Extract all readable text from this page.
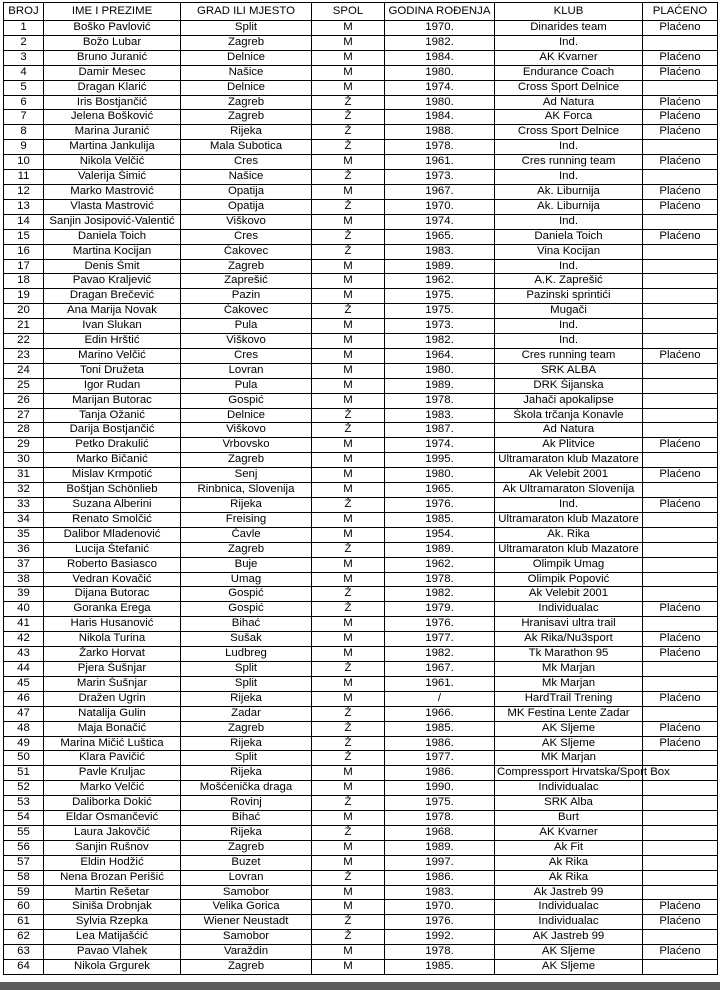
BROJ	IME I PREZIME	GRAD ILI MJESTO	SPOL	GODINA ROĐENJA	KLUB	PLAĆENO
1	Boško Pavlović	Split	M	1970.	Dinarides team	Plaćeno
2	Božo Lubar	Zagreb	M	1982.	Ind.	
3	Bruno Juranić	Delnice	M	1984.	AK Kvarner	Plaćeno
4	Damir Mesec	Našice	M	1980.	Endurance Coach	Plaćeno
5	Dragan Klarić	Delnice	M	1974.	Cross Sport Delnice	
6	Iris Bostjančić	Zagreb	Ž	1980.	Ad Natura	Plaćeno
7	Jelena Bošković	Zagreb	Ž	1984.	AK Forca	Plaćeno
8	Marina Juranić	Rijeka	Ž	1988.	Cross Sport Delnice	Plaćeno
9	Martina Jankulija	Mala Subotica	Ž	1978.	Ind.	
10	Nikola Velčić	Cres	M	1961.	Cres running team	Plaćeno
11	Valerija Šimić	Našice	Ž	1973.	Ind.	
12	Marko Mastrović	Opatija	M	1967.	Ak. Liburnija	Plaćeno
13	Vlasta Mastrović	Opatija	Ž	1970.	Ak. Liburnija	Plaćeno
14	Sanjin Josipović-Valentić	Viškovo	M	1974.	Ind.	
15	Daniela Toich	Cres	Ž	1965.	Daniela Toich	Plaćeno
16	Martina Kocijan	Čakovec	Ž	1983.	Vina Kocijan	
17	Denis Šmit	Zagreb	M	1989.	Ind.	
18	Pavao Kraljević	Zaprešić	M	1962.	A.K. Zaprešić	
19	Dragan Brečević	Pazin	M	1975.	Pazinski sprintići	
20	Ana Marija Novak	Čakovec	Ž	1975.	Mugači	
21	Ivan Slukan	Pula	M	1973.	Ind.	
22	Edin Hrštić	Viškovo	M	1982.	Ind.	
23	Marino Velčić	Cres	M	1964.	Cres running team	Plaćeno
24	Toni Družeta	Lovran	M	1980.	SRK ALBA	
25	Igor Rudan	Pula	M	1989.	DRK Šijanska	
26	Marijan Butorac	Gospić	M	1978.	Jahači apokalipse	
27	Tanja Ožanić	Delnice	Ž	1983.	Škola trčanja Konavle	
28	Darija Bostjančić	Viškovo	Ž	1987.	Ad Natura	
29	Petko Drakulić	Vrbovsko	M	1974.	Ak Plitvice	Plaćeno
30	Marko Bičanić	Zagreb	M	1995.	Ultramaraton klub Mazatore	
31	Mislav Krmpotić	Senj	M	1980.	Ak Velebit 2001	Plaćeno
32	Boštjan Schönlieb	Rinbnica, Slovenija	M	1965.	Ak Ultramaraton Slovenija	
33	Suzana Alberini	Rijeka	Ž	1976.	Ind.	Plaćeno
34	Renato Smolčić	Freising	M	1985.	Ultramaraton klub Mazatore	
35	Dalibor Mladenović	Čavle	M	1954.	Ak. Rika	
36	Lucija Štefanić	Zagreb	Ž	1989.	Ultramaraton klub Mazatore	
37	Roberto Basiasco	Buje	M	1962.	Olimpik Umag	
38	Vedran Kovačić	Umag	M	1978.	Olimpik Popović	
39	Dijana Butorac	Gospić	Ž	1982.	Ak Velebit 2001	
40	Goranka Erega	Gospić	Ž	1979.	Individualac	Plaćeno
41	Haris Husanović	Bihać	M	1976.	Hranisavi ultra trail	
42	Nikola Turina	Sušak	M	1977.	Ak Rika/Nu3sport	Plaćeno
43	Žarko Horvat	Ludbreg	M	1982.	Tk Marathon 95	Plaćeno
44	Pjera Šušnjar	Split	Ž	1967.	Mk Marjan	
45	Marin Šušnjar	Split	M	1961.	Mk Marjan	
46	Dražen Ugrin	Rijeka	M	/	HardTrail Trening	Plaćeno
47	Natalija Gulin	Zadar	Ž	1966.	MK Festina Lente Zadar	
48	Maja Bonačić	Zagreb	Ž	1985.	AK Sljeme	Plaćeno
49	Marina Mičić Luštica	Rijeka	Ž	1986.	AK Sljeme	Plaćeno
50	Klara Pavičić	Split	Ž	1977.	MK Marjan	
51	Pavle Kruljac	Rijeka	M	1986.	Compressport Hrvatska/Sport Box	
52	Marko Velčić	Mošćenička draga	M	1990.	Individualac	
53	Daliborka Dokić	Rovinj	Ž	1975.	SRK Alba	
54	Eldar Osmančević	Bihać	M	1978.	Burt	
55	Laura Jakovčić	Rijeka	Ž	1968.	AK Kvarner	
56	Sanjin Rušnov	Zagreb	M	1989.	Ak Fit	
57	Eldin Hodžić	Buzet	M	1997.	Ak Rika	
58	Nena Brozan Perišić	Lovran	Ž	1986.	Ak Rika	
59	Martin Rešetar	Samobor	M	1983.	Ak Jastreb 99	
60	Siniša Drobnjak	Velika Gorica	M	1970.	Individualac	Plaćeno
61	Sylvia Rzepka	Wiener Neustadt	Ž	1976.	Individualac	Plaćeno
62	Lea Matijašćić	Samobor	Ž	1992.	AK Jastreb 99	
63	Pavao Vlahek	Varaždin	M	1978.	AK Sljeme	Plaćeno
64	Nikola Grgurek	Zagreb	M	1985.	AK Sljeme	
